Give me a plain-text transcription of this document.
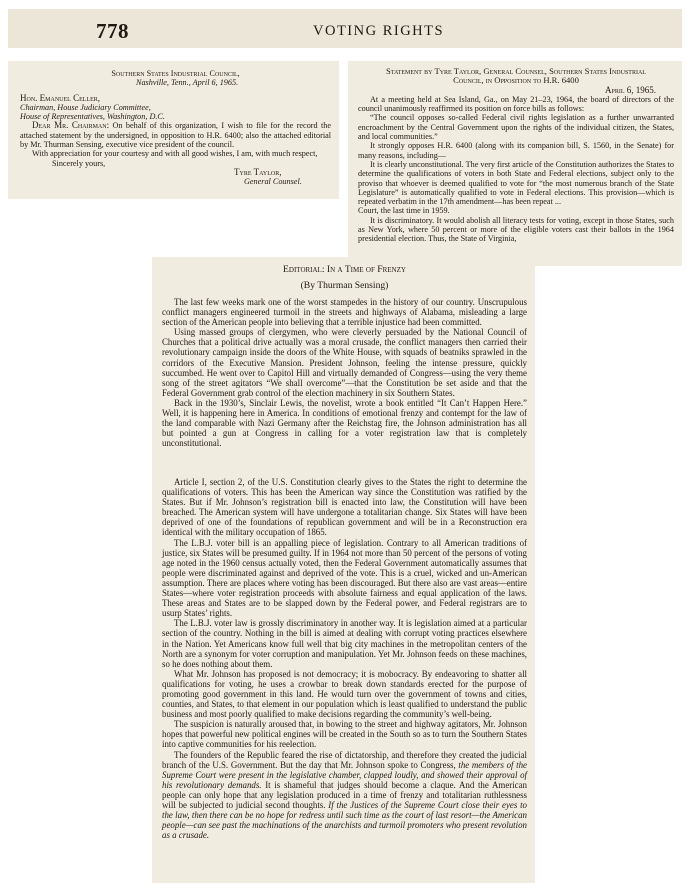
778	VOTING RIGHTS

Southern States Industrial Council,

Nashville, Tenn., April 6, 1965.

Hon. Emanuel Celler,

Chairman, House Judiciary Committee,

House of Representatives, Washington, D.C.

Dear Mr. Chairman: On behalf of this organization, I wish to file for the record the attached statement by the undersigned, in opposition to H.R. 6400; also the attached editorial by Mr. Thurman Sensing, executive vice president of the council.

With appreciation for your courtesy and with all good wishes, I am, with much respect,

Sincerely yours,

Tyre Taylor,

General Counsel.

Statement by Tyre Taylor, General Counsel, Southern States Industrial

Council, in Opposition to H.R. 6400

April 6, 1965.

At a meeting held at Sea Island, Ga., on May 21–23, 1964, the board of directors of the council unanimously reaffirmed its position on force bills as follows:

“The council opposes so-called Federal civil rights legislation as a further unwarranted encroachment by the Central Government upon the rights of the individual citizen, the States, and local communities.”

It strongly opposes H.R. 6400 (along with its companion bill, S. 1560, in the Senate) for many reasons, including—

It is clearly unconstitutional. The very first article of the Constitution authorizes the States to determine the qualifications of voters in both State and Federal elections, subject only to the proviso that whoever is deemed qualified to vote for “the most numerous branch of the State Legislature” is automatically qualified to vote in Federal elections. This provision—which is repeated verbatim in the 17th amendment—has been repeat ...

Court, the last time in 1959.

It is discriminatory. It would abolish all literacy tests for voting, except in those States, such as New York, where 50 percent or more of the eligible voters cast their ballots in the 1964 presidential election. Thus, the State of Virginia,

Editorial: In a Time of Frenzy

(By Thurman Sensing)

The last few weeks mark one of the worst stampedes in the history of our country. Unscrupulous conflict managers engineered turmoil in the streets and highways of Alabama, misleading a large section of the American people into believing that a terrible injustice had been committed.

Using massed groups of clergymen, who were cleverly persuaded by the National Council of Churches that a political drive actually was a moral crusade, the conflict managers then carried their revolutionary campaign inside the doors of the White House, with squads of beatniks sprawled in the corridors of the Executive Mansion. President Johnson, feeling the intense pressure, quickly succumbed. He went over to Capitol Hill and virtually demanded of Congress—using the very theme song of the street agitators “We shall overcome”—that the Constitution be set aside and that the Federal Government grab control of the election machinery in six Southern States.

Back in the 1930’s, Sinclair Lewis, the novelist, wrote a book entitled “It Can’t Happen Here.” Well, it is happening here in America. In conditions of emotional frenzy and contempt for the law of the land comparable with Nazi Germany after the Reichstag fire, the Johnson administration has all but pointed a gun at Congress in calling for a voter registration law that is completely unconstitutional.

Article I, section 2, of the U.S. Constitution clearly gives to the States the right to determine the qualifications of voters. This has been the American way since the Constitution was ratified by the States. But if Mr. Johnson’s registration bill is enacted into law, the Constitution will have been breached. The American system will have undergone a totalitarian change. Six States will have been deprived of one of the foundations of republican government and will be in a Reconstruction era identical with the military occupation of 1865.

The L.B.J. voter bill is an appalling piece of legislation. Contrary to all American traditions of justice, six States will be presumed guilty. If in 1964 not more than 50 percent of the persons of voting age noted in the 1960 census actually voted, then the Federal Government automatically assumes that people were discriminated against and deprived of the vote. This is a cruel, wicked and un-American assumption. There are places where voting has been discouraged. But there also are vast areas—entire States—where voter registration proceeds with absolute fairness and equal application of the laws. These areas and States are to be slapped down by the Federal power, and Federal registrars are to usurp States’ rights.

The L.B.J. voter law is grossly discriminatory in another way. It is legislation aimed at a particular section of the country. Nothing in the bill is aimed at dealing with corrupt voting practices elsewhere in the Nation. Yet Americans know full well that big city machines in the metropolitan centers of the North are a synonym for voter corruption and manipulation. Yet Mr. Johnson feeds on these machines, so he does nothing about them.

What Mr. Johnson has proposed is not democracy; it is mobocracy. By endeavoring to shatter all qualifications for voting, he uses a crowbar to break down standards erected for the purpose of promoting good government in this land. He would turn over the government of towns and cities, counties, and States, to that element in our population which is least qualified to understand the public business and most poorly qualified to make decisions regarding the community’s well-being.

The suspicion is naturally aroused that, in bowing to the street and highway agitators, Mr. Johnson hopes that powerful new political engines will be created in the South so as to turn the Southern States into captive communities for his reelection.

The founders of the Republic feared the rise of dictatorship, and therefore they created the judicial branch of the U.S. Government. But the day that Mr. Johnson spoke to Congress, the members of the Supreme Court were present in the legislative chamber, clapped loudly, and showed their approval of his revolutionary demands. It is shameful that judges should become a claque. And the American people can only hope that any legislation produced in a time of frenzy and totalitarian ruthlessness will be subjected to judicial second thoughts. If the Justices of the Supreme Court close their eyes to the law, then there can be no hope for redress until such time as the court of last resort—the American people—can see past the machinations of the anarchists and turmoil promoters who present revolution as a crusade.
